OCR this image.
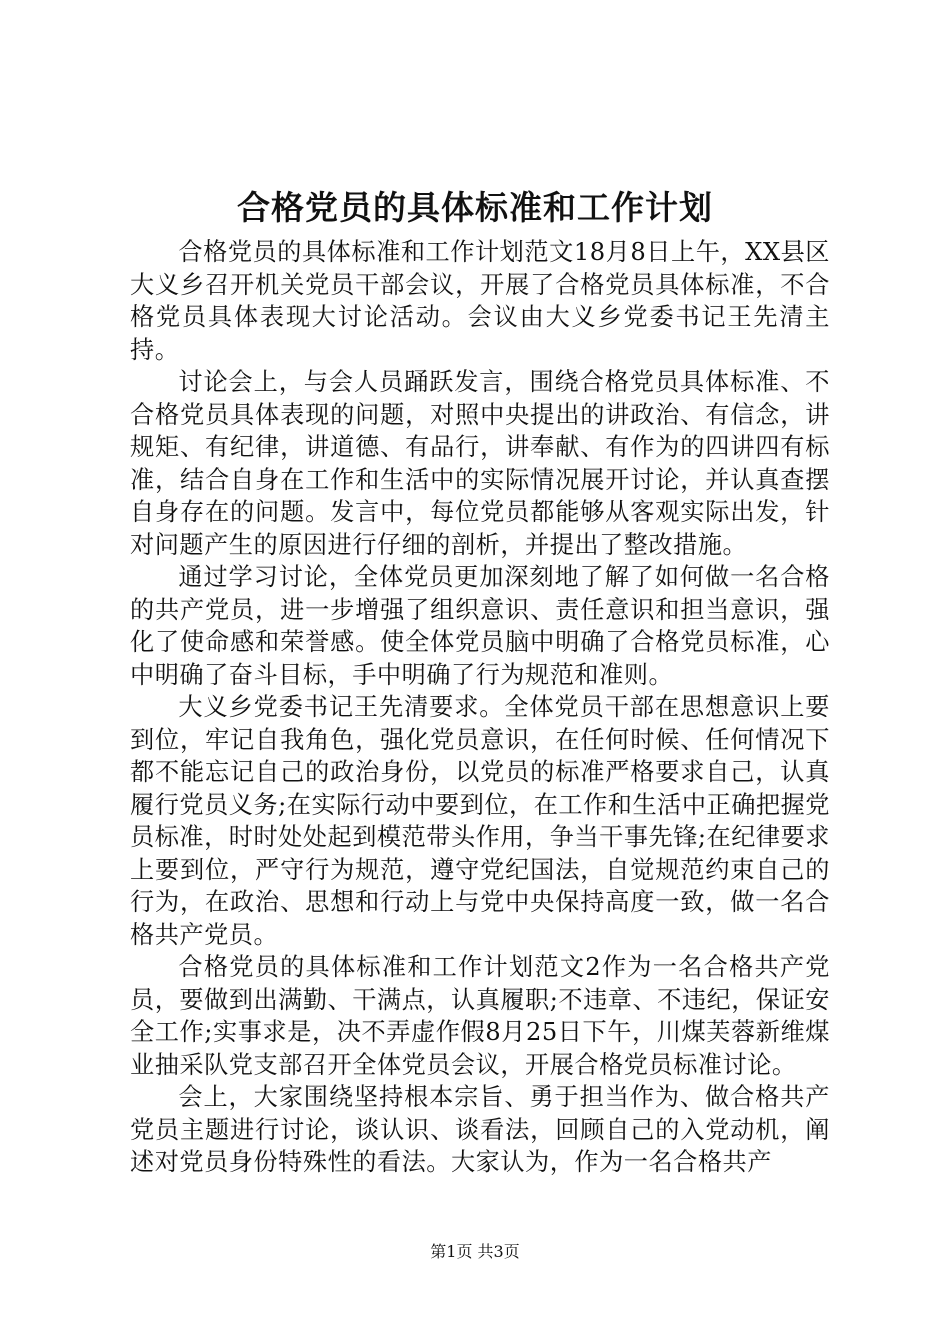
合格党员的具体标准和工作计划

合格党员的具体标准和工作计划范文18月8日上午，XX县区大义乡召开机关党员干部会议，开展了合格党员具体标准，不合格党员具体表现大讨论活动。会议由大义乡党委书记王先清主持。

讨论会上，与会人员踊跃发言，围绕合格党员具体标准、不合格党员具体表现的问题，对照中央提出的讲政治、有信念，讲规矩、有纪律，讲道德、有品行，讲奉献、有作为的四讲四有标准，结合自身在工作和生活中的实际情况展开讨论，并认真查摆自身存在的问题。发言中，每位党员都能够从客观实际出发，针对问题产生的原因进行仔细的剖析，并提出了整改措施。

通过学习讨论，全体党员更加深刻地了解了如何做一名合格的共产党员，进一步增强了组织意识、责任意识和担当意识，强化了使命感和荣誉感。使全体党员脑中明确了合格党员标准，心中明确了奋斗目标，手中明确了行为规范和准则。

大义乡党委书记王先清要求。全体党员干部在思想意识上要到位，牢记自我角色，强化党员意识，在任何时候、任何情况下都不能忘记自己的政治身份，以党员的标准严格要求自己，认真履行党员义务;在实际行动中要到位，在工作和生活中正确把握党员标准，时时处处起到模范带头作用，争当干事先锋;在纪律要求上要到位，严守行为规范，遵守党纪国法，自觉规范约束自己的行为，在政治、思想和行动上与党中央保持高度一致，做一名合格共产党员。

合格党员的具体标准和工作计划范文2作为一名合格共产党员，要做到出满勤、干满点，认真履职;不违章、不违纪，保证安全工作;实事求是，决不弄虚作假8月25日下午，川煤芙蓉新维煤业抽采队党支部召开全体党员会议，开展合格党员标准讨论。

会上，大家围绕坚持根本宗旨、勇于担当作为、做合格共产党员主题进行讨论，谈认识、谈看法，回顾自己的入党动机，阐述对党员身份特殊性的看法。大家认为，作为一名合格共产

第1页 共3页
